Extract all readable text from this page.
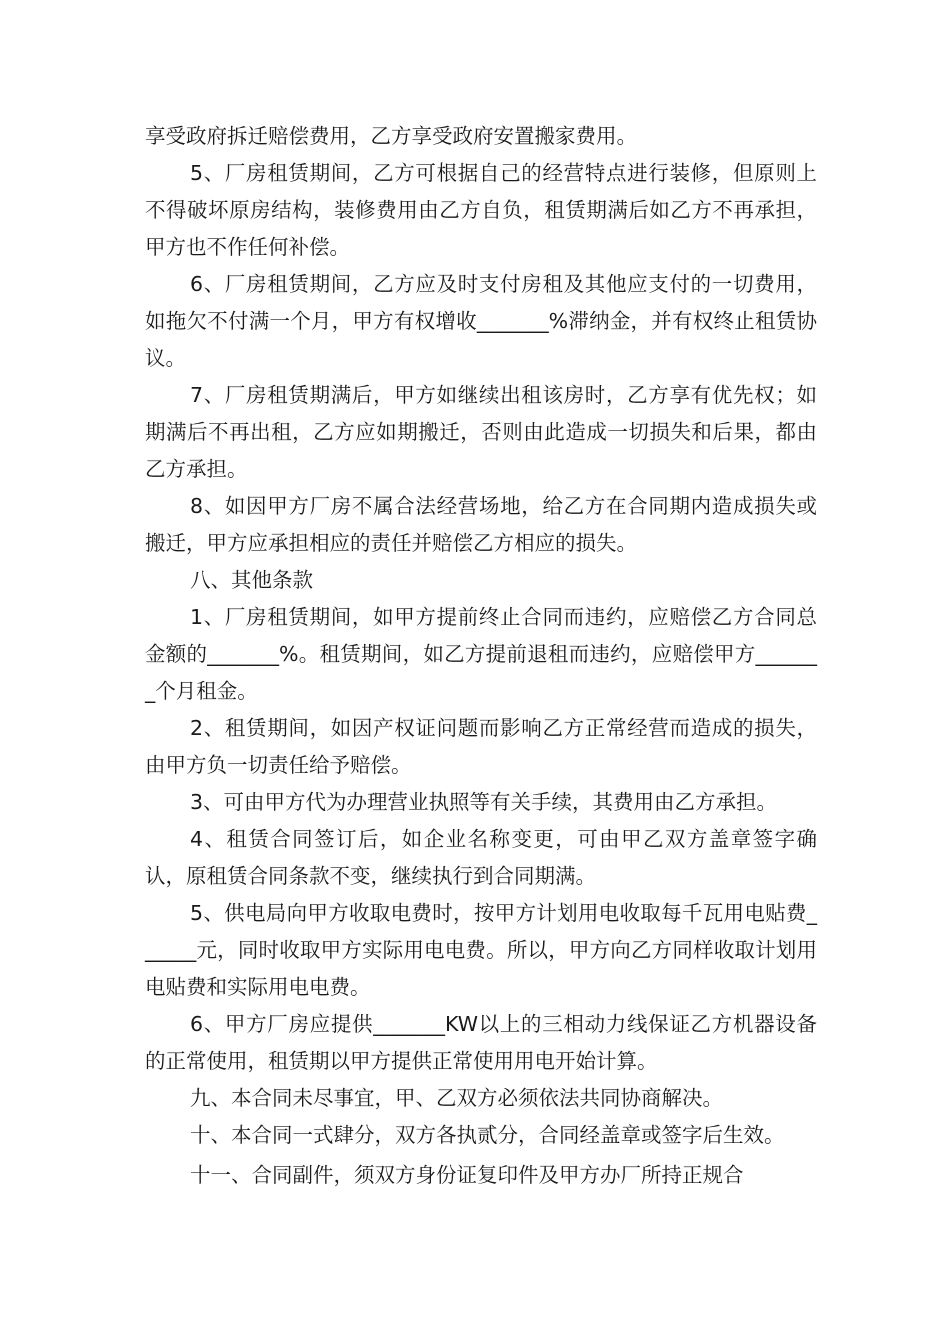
享受政府拆迁赔偿费用，乙方享受政府安置搬家费用。

5、厂房租赁期间，乙方可根据自己的经营特点进行装修，但原则上不得破坏原房结构，装修费用由乙方自负，租赁期满后如乙方不再承担，甲方也不作任何补偿。

6、厂房租赁期间，乙方应及时支付房租及其他应支付的一切费用，如拖欠不付满一个月，甲方有权增收_______%滞纳金，并有权终止租赁协议。

7、厂房租赁期满后，甲方如继续出租该房时，乙方享有优先权；如期满后不再出租，乙方应如期搬迁，否则由此造成一切损失和后果，都由乙方承担。

8、如因甲方厂房不属合法经营场地，给乙方在合同期内造成损失或搬迁，甲方应承担相应的责任并赔偿乙方相应的损失。

八、其他条款

1、厂房租赁期间，如甲方提前终止合同而违约，应赔偿乙方合同总金额的_______%。租赁期间，如乙方提前退租而违约，应赔偿甲方_______个月租金。

2、租赁期间，如因产权证问题而影响乙方正常经营而造成的损失，由甲方负一切责任给予赔偿。

3、可由甲方代为办理营业执照等有关手续，其费用由乙方承担。

4、租赁合同签订后，如企业名称变更，可由甲乙双方盖章签字确认，原租赁合同条款不变，继续执行到合同期满。

5、供电局向甲方收取电费时，按甲方计划用电收取每千瓦用电贴费______元，同时收取甲方实际用电电费。所以，甲方向乙方同样收取计划用电贴费和实际用电电费。

6、甲方厂房应提供_______KW以上的三相动力线保证乙方机器设备的正常使用，租赁期以甲方提供正常使用用电开始计算。

九、本合同未尽事宜，甲、乙双方必须依法共同协商解决。

十、本合同一式肆分，双方各执贰分，合同经盖章或签字后生效。

十一、合同副件，须双方身份证复印件及甲方办厂所持正规合
